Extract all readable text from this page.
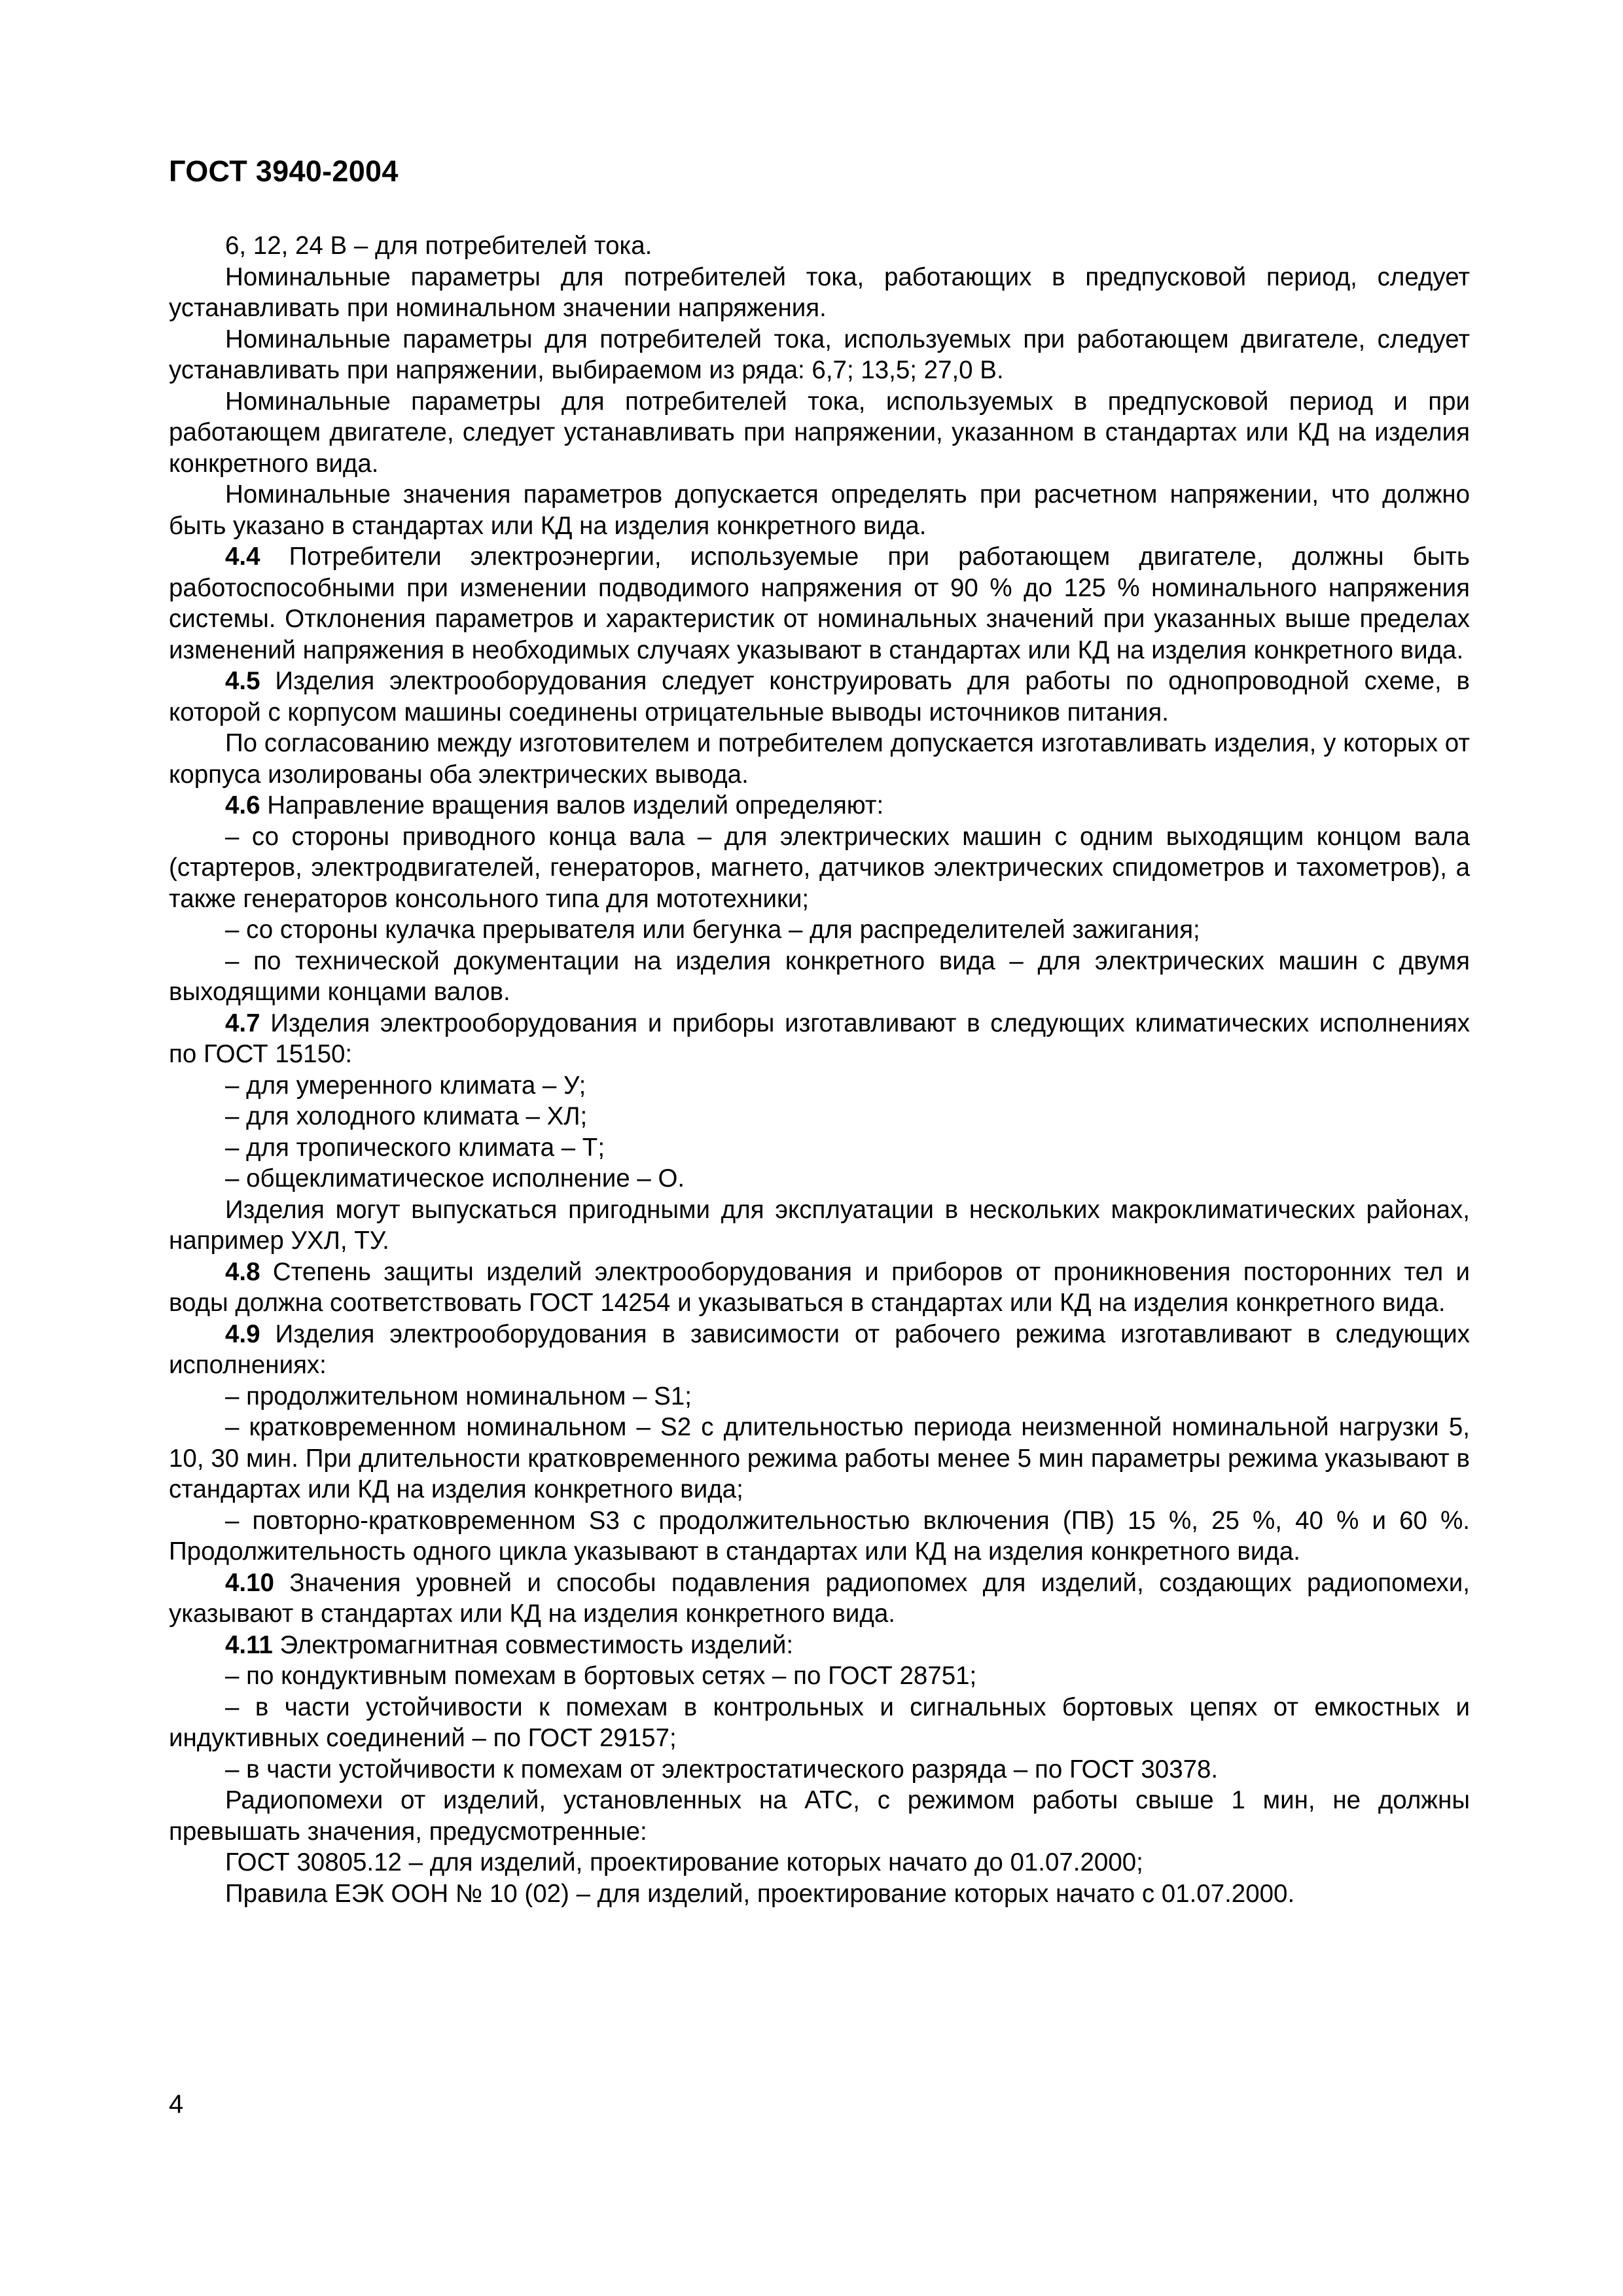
ГОСТ 3940-2004

6, 12, 24 В – для потребителей тока.

Номинальные параметры для потребителей тока, работающих в предпусковой период, следует устанавливать при номинальном значении напряжения.

Номинальные параметры для потребителей тока, используемых при работающем двигателе, следует устанавливать при напряжении, выбираемом из ряда: 6,7; 13,5; 27,0 В.

Номинальные параметры для потребителей тока, используемых в предпусковой период и при работающем двигателе, следует устанавливать при напряжении, указанном в стандартах или КД на изделия конкретного вида.

Номинальные значения параметров допускается определять при расчетном напряжении, что должно быть указано в стандартах или КД на изделия конкретного вида.

4.4 Потребители электроэнергии, используемые при работающем двигателе, должны быть работоспособными при изменении подводимого напряжения от 90 % до 125 % номинального напряжения системы. Отклонения параметров и характеристик от номинальных значений при указанных выше пределах изменений напряжения в необходимых случаях указывают в стандартах или КД на изделия конкретного вида.

4.5 Изделия электрооборудования следует конструировать для работы по однопроводной схеме, в которой с корпусом машины соединены отрицательные выводы источников питания.

По согласованию между изготовителем и потребителем допускается изготавливать изделия, у которых от корпуса изолированы оба электрических вывода.

4.6 Направление вращения валов изделий определяют:

– со стороны приводного конца вала – для электрических машин с одним выходящим концом вала (стартеров, электродвигателей, генераторов, магнето, датчиков электрических спидометров и тахометров), а также генераторов консольного типа для мототехники;

– со стороны кулачка прерывателя или бегунка – для распределителей зажигания;

– по технической документации на изделия конкретного вида – для электрических машин с двумя выходящими концами валов.

4.7 Изделия электрооборудования и приборы изготавливают в следующих климатических исполнениях по ГОСТ 15150:

– для умеренного климата – У;

– для холодного климата – ХЛ;

– для тропического климата – Т;

– общеклиматическое исполнение – О.

Изделия могут выпускаться пригодными для эксплуатации в нескольких макроклиматических районах, например УХЛ, ТУ.

4.8 Степень защиты изделий электрооборудования и приборов от проникновения посторонних тел и воды должна соответствовать ГОСТ 14254 и указываться в стандартах или КД на изделия конкретного вида.

4.9 Изделия электрооборудования в зависимости от рабочего режима изготавливают в следующих исполнениях:

– продолжительном номинальном – S1;

– кратковременном номинальном – S2 с длительностью периода неизменной номинальной нагрузки 5, 10, 30 мин. При длительности кратковременного режима работы менее 5 мин параметры режима указывают в стандартах или КД на изделия конкретного вида;

– повторно-кратковременном S3 с продолжительностью включения (ПВ) 15 %, 25 %, 40 % и 60 %. Продолжительность одного цикла указывают в стандартах или КД на изделия конкретного вида.

4.10 Значения уровней и способы подавления радиопомех для изделий, создающих радиопомехи, указывают в стандартах или КД на изделия конкретного вида.

4.11 Электромагнитная совместимость изделий:

– по кондуктивным помехам в бортовых сетях – по ГОСТ 28751;

– в части устойчивости к помехам в контрольных и сигнальных бортовых цепях от емкостных и индуктивных соединений – по ГОСТ 29157;

– в части устойчивости к помехам от электростатического разряда – по ГОСТ 30378.

Радиопомехи от изделий, установленных на АТС, с режимом работы свыше 1 мин, не должны превышать значения, предусмотренные:

ГОСТ 30805.12 – для изделий, проектирование которых начато до 01.07.2000;

Правила ЕЭК ООН № 10 (02) – для изделий, проектирование которых начато с 01.07.2000.

4
